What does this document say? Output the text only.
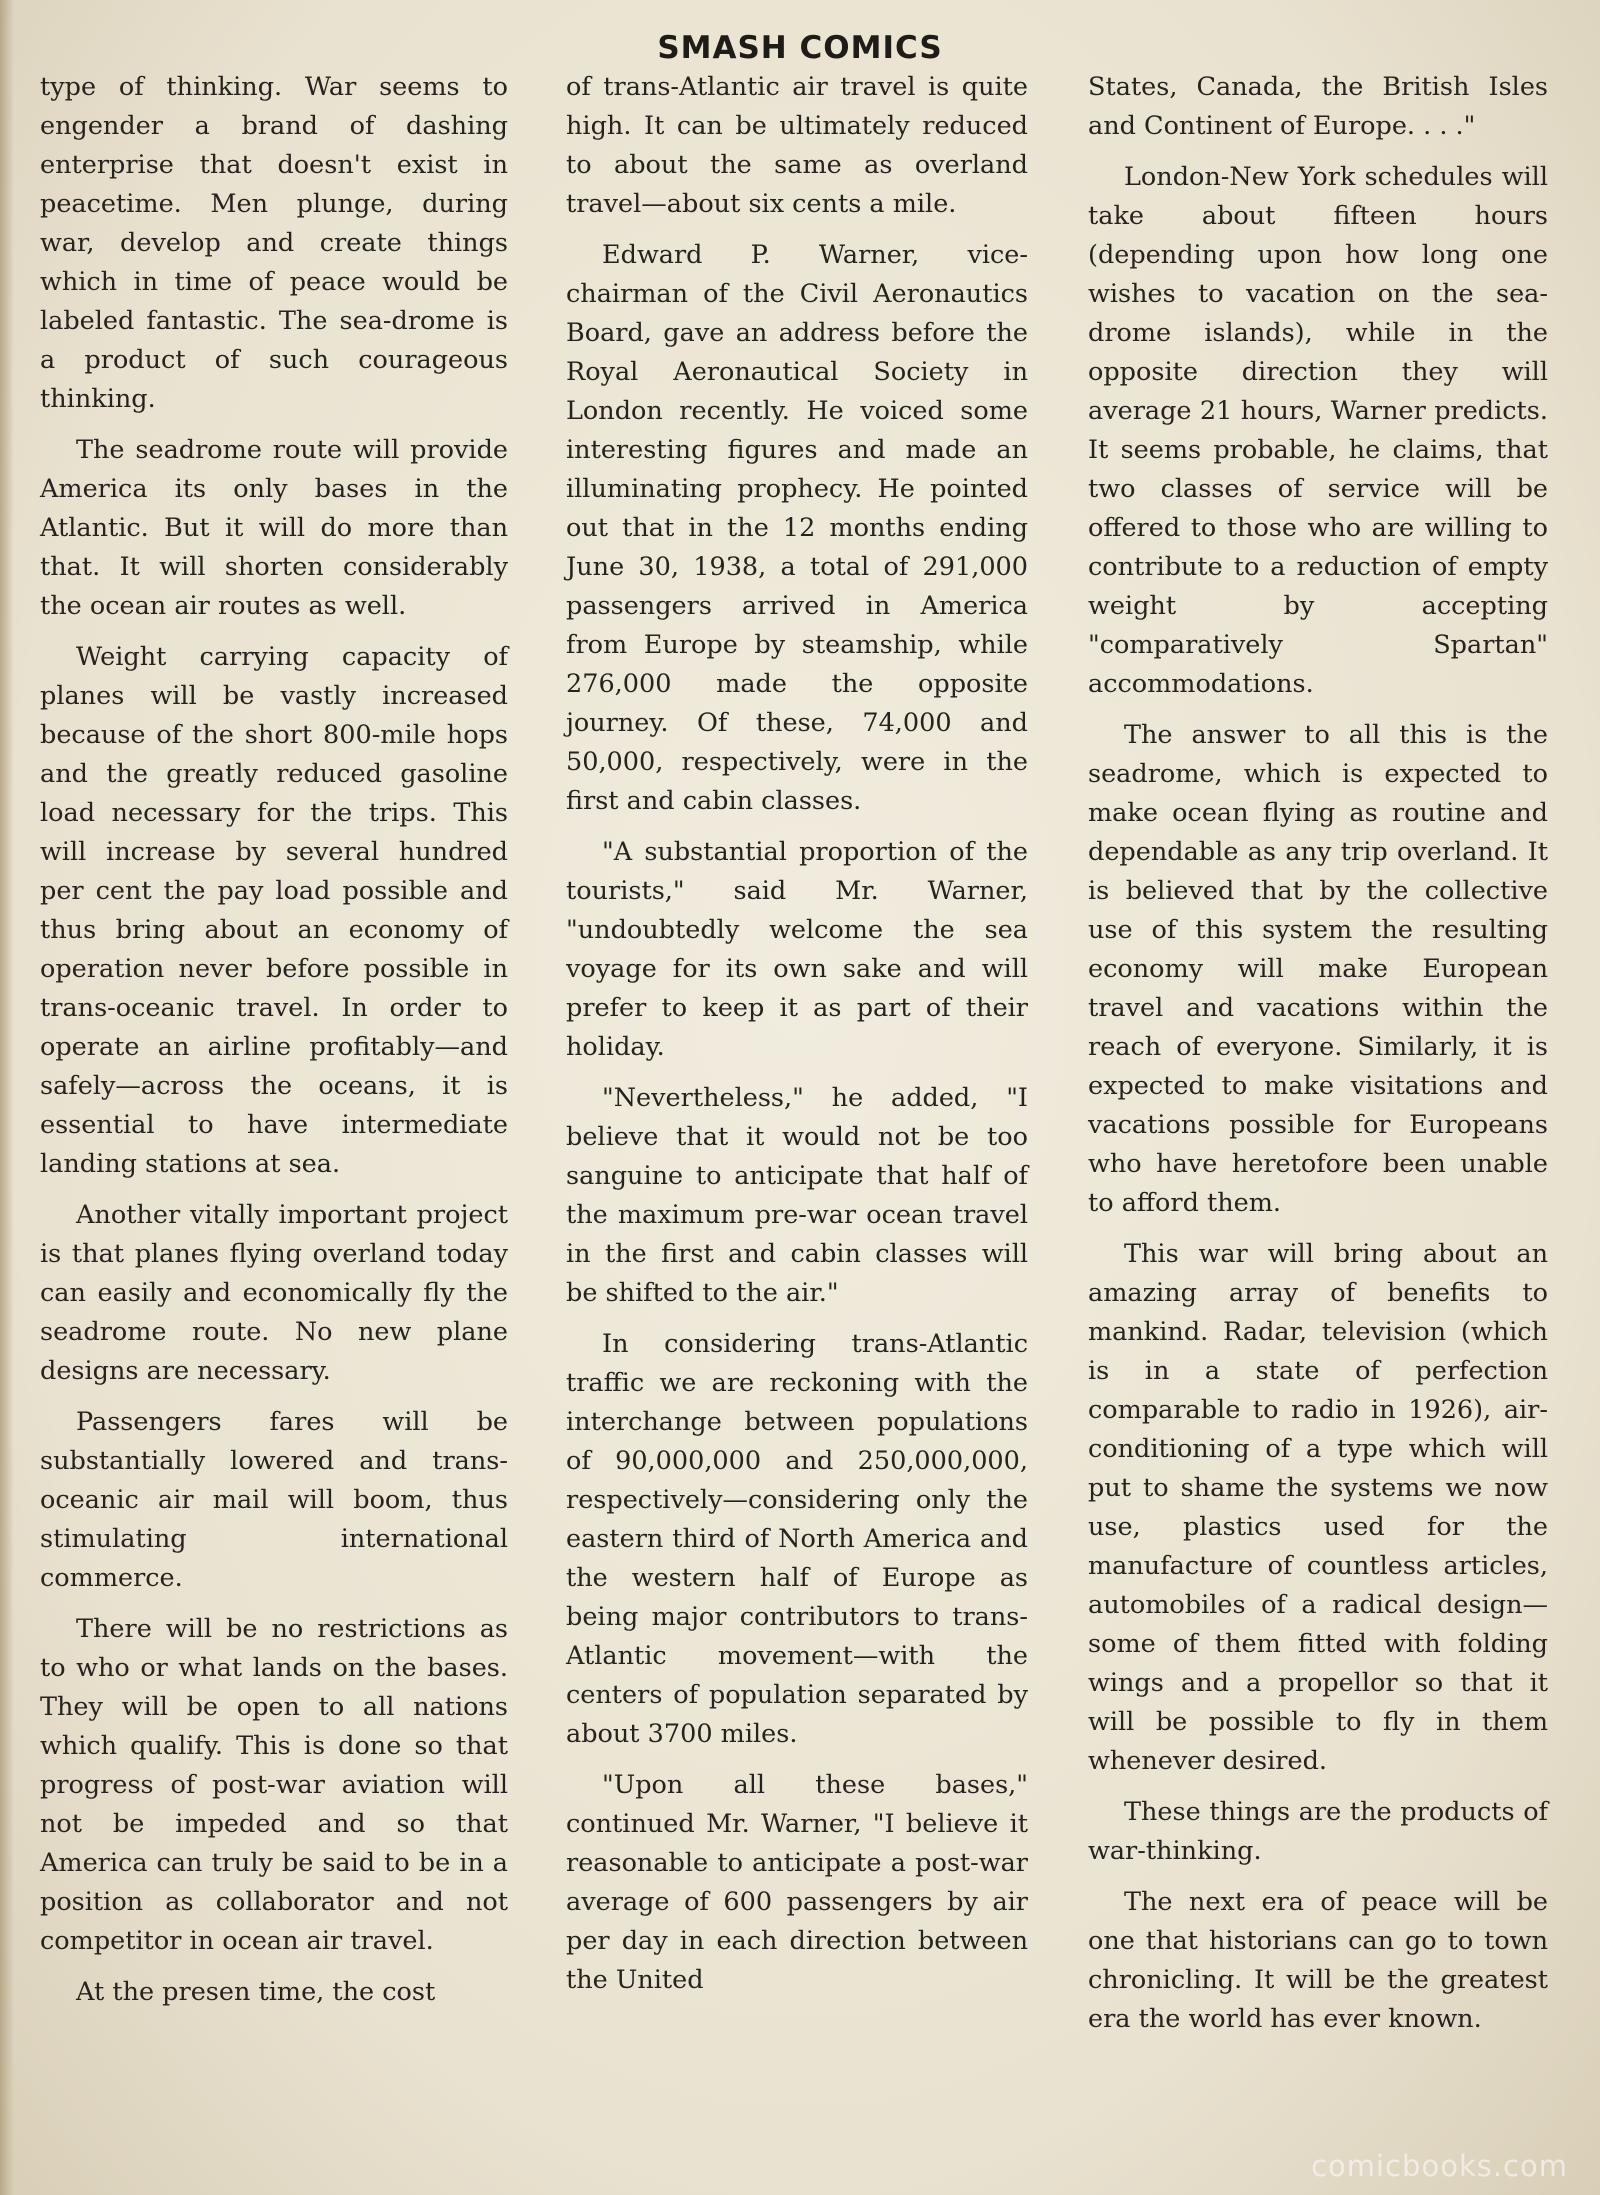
SMASH COMICS

type of thinking. War seems to engender a brand of dashing enterprise that doesn't exist in peacetime. Men plunge, during war, develop and create things which in time of peace would be labeled fantastic. The sea-drome is a product of such courageous thinking.

The seadrome route will provide America its only bases in the Atlantic. But it will do more than that. It will shorten considerably the ocean air routes as well.

Weight carrying capacity of planes will be vastly increased because of the short 800-mile hops and the greatly reduced gasoline load necessary for the trips. This will increase by several hundred per cent the pay load possible and thus bring about an economy of operation never before possible in trans-oceanic travel. In order to operate an airline profitably—and safely—across the oceans, it is essential to have intermediate landing stations at sea.

Another vitally important project is that planes flying overland today can easily and economically fly the seadrome route. No new plane designs are necessary.

Passengers fares will be substantially lowered and trans-oceanic air mail will boom, thus stimulating international commerce.

There will be no restrictions as to who or what lands on the bases. They will be open to all nations which qualify. This is done so that progress of post-war aviation will not be impeded and so that America can truly be said to be in a position as collaborator and not competitor in ocean air travel.

At the presen time, the cost

of trans-Atlantic air travel is quite high. It can be ultimately reduced to about the same as overland travel—about six cents a mile.

Edward P. Warner, vice-chairman of the Civil Aeronautics Board, gave an address before the Royal Aeronautical Society in London recently. He voiced some interesting figures and made an illuminating prophecy. He pointed out that in the 12 months ending June 30, 1938, a total of 291,000 passengers arrived in America from Europe by steamship, while 276,000 made the opposite journey. Of these, 74,000 and 50,000, respectively, were in the first and cabin classes.

"A substantial proportion of the tourists," said Mr. Warner, "undoubtedly welcome the sea voyage for its own sake and will prefer to keep it as part of their holiday.

"Nevertheless," he added, "I believe that it would not be too sanguine to anticipate that half of the maximum pre-war ocean travel in the first and cabin classes will be shifted to the air."

In considering trans-Atlantic traffic we are reckoning with the interchange between populations of 90,000,000 and 250,000,000, respectively—considering only the eastern third of North America and the western half of Europe as being major contributors to trans-Atlantic movement—with the centers of population separated by about 3700 miles.

"Upon all these bases," continued Mr. Warner, "I believe it reasonable to anticipate a post-war average of 600 passengers by air per day in each direction between the United

States, Canada, the British Isles and Continent of Europe. . . ."

London-New York schedules will take about fifteen hours (depending upon how long one wishes to vacation on the sea-drome islands), while in the opposite direction they will average 21 hours, Warner predicts. It seems probable, he claims, that two classes of service will be offered to those who are willing to contribute to a reduction of empty weight by accepting "comparatively Spartan" accommodations.

The answer to all this is the seadrome, which is expected to make ocean flying as routine and dependable as any trip overland. It is believed that by the collective use of this system the resulting economy will make European travel and vacations within the reach of everyone. Similarly, it is expected to make visitations and vacations possible for Europeans who have heretofore been unable to afford them.

This war will bring about an amazing array of benefits to mankind. Radar, television (which is in a state of perfection comparable to radio in 1926), air-conditioning of a type which will put to shame the systems we now use, plastics used for the manufacture of countless articles, automobiles of a radical design—some of them fitted with folding wings and a propellor so that it will be possible to fly in them whenever desired.

These things are the products of war-thinking.

The next era of peace will be one that historians can go to town chronicling. It will be the greatest era the world has ever known.

comicbooks.com
